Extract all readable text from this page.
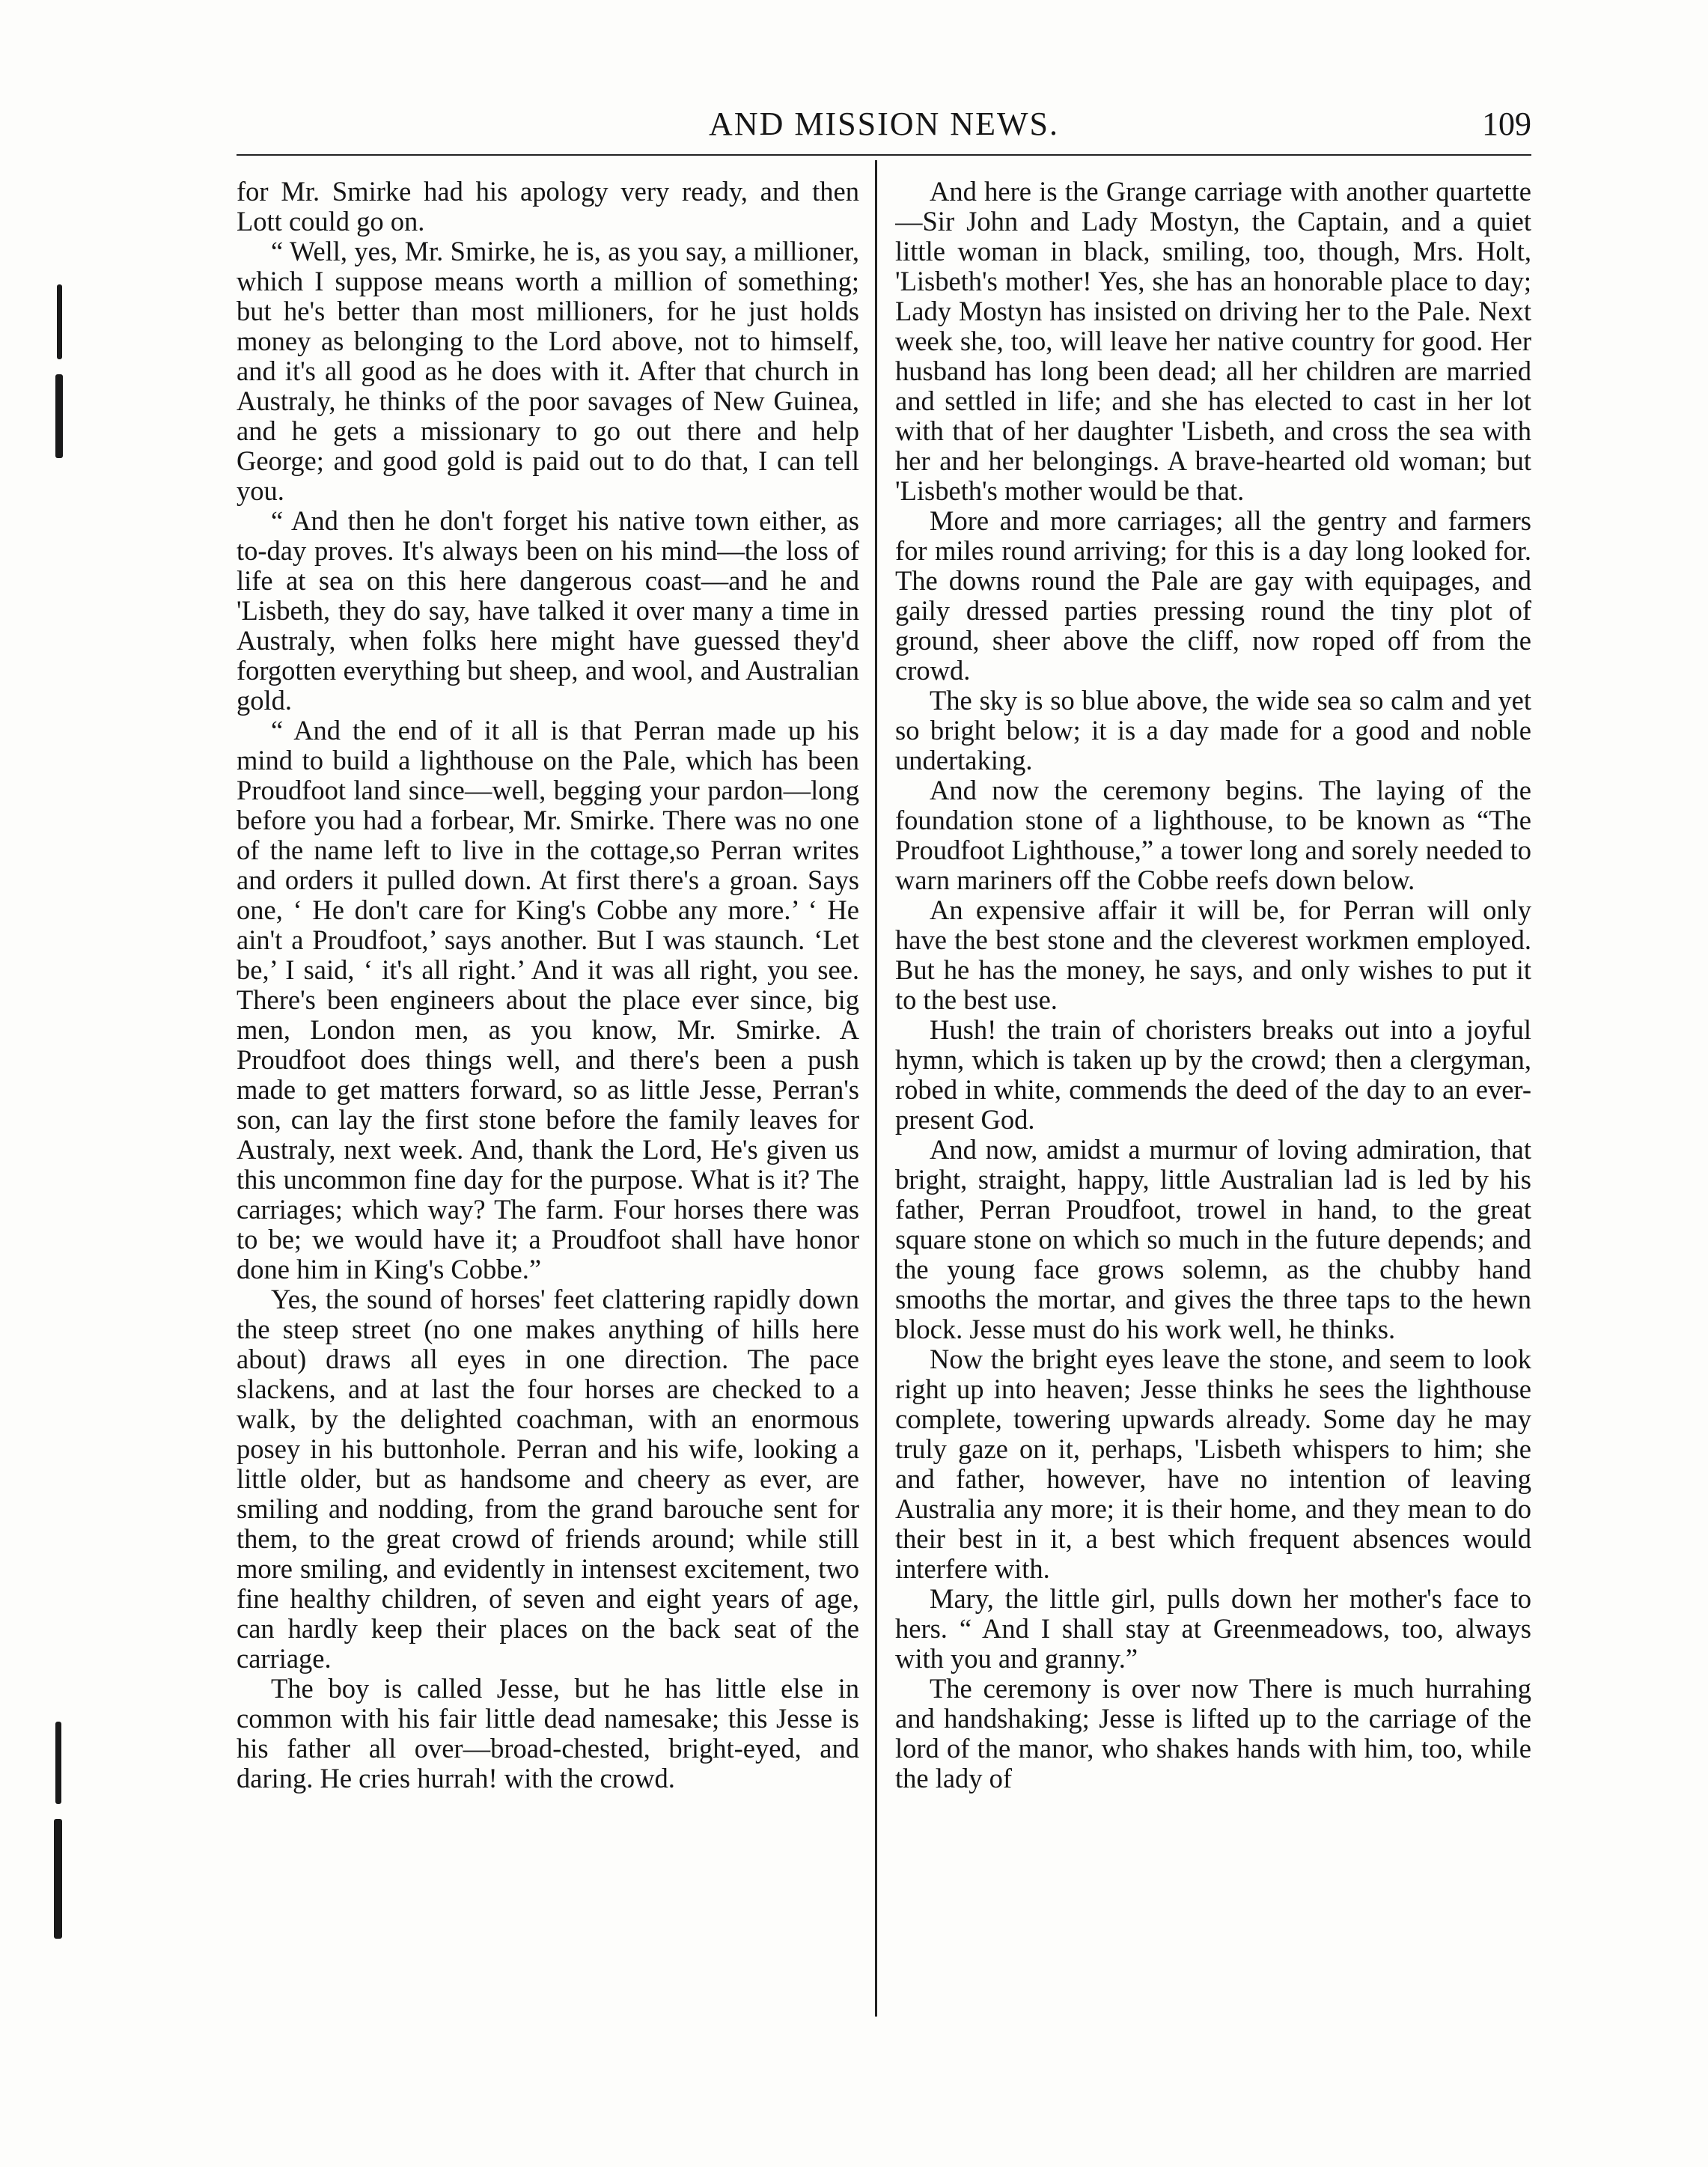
AND MISSION NEWS.	109

for Mr. Smirke had his apology very ready, and then Lott could go on.

“ Well, yes, Mr. Smirke, he is, as you say, a millioner, which I suppose means worth a million of something; but he's better than most millioners, for he just holds money as belonging to the Lord above, not to himself, and it's all good as he does with it. After that church in Australy, he thinks of the poor savages of New Guinea, and he gets a missionary to go out there and help George; and good gold is paid out to do that, I can tell you.

“ And then he don't forget his native town either, as to-day proves. It's always been on his mind—the loss of life at sea on this here dangerous coast—and he and 'Lisbeth, they do say, have talked it over many a time in Australy, when folks here might have guessed they'd forgotten everything but sheep, and wool, and Australian gold.

“ And the end of it all is that Perran made up his mind to build a lighthouse on the Pale, which has been Proudfoot land since—well, begging your pardon—long before you had a forbear, Mr. Smirke. There was no one of the name left to live in the cottage,so Perran writes and orders it pulled down. At first there's a groan. Says one, ‘ He don't care for King's Cobbe any more.’ ‘ He ain't a Proudfoot,’ says another. But I was staunch. ‘Let be,’ I said, ‘ it's all right.’ And it was all right, you see. There's been engineers about the place ever since, big men, London men, as you know, Mr. Smirke. A Proudfoot does things well, and there's been a push made to get matters forward, so as little Jesse, Perran's son, can lay the first stone before the family leaves for Australy, next week. And, thank the Lord, He's given us this uncommon fine day for the purpose. What is it? The carriages; which way? The farm. Four horses there was to be; we would have it; a Proudfoot shall have honor done him in King's Cobbe.”

Yes, the sound of horses' feet clattering rapidly down the steep street (no one makes anything of hills here about) draws all eyes in one direction. The pace slackens, and at last the four horses are checked to a walk, by the delighted coachman, with an enormous posey in his buttonhole. Perran and his wife, looking a little older, but as handsome and cheery as ever, are smiling and nodding, from the grand barouche sent for them, to the great crowd of friends around; while still more smiling, and evidently in intensest excitement, two fine healthy children, of seven and eight years of age, can hardly keep their places on the back seat of the carriage.

The boy is called Jesse, but he has little else in common with his fair little dead namesake; this Jesse is his father all over—broad-chested, bright-eyed, and daring. He cries hurrah! with the crowd.

And here is the Grange carriage with another quartette—Sir John and Lady Mostyn, the Captain, and a quiet little woman in black, smiling, too, though, Mrs. Holt, 'Lisbeth's mother! Yes, she has an honorable place to day; Lady Mostyn has insisted on driving her to the Pale. Next week she, too, will leave her native country for good. Her husband has long been dead; all her children are married and settled in life; and she has elected to cast in her lot with that of her daughter 'Lisbeth, and cross the sea with her and her belongings. A brave-hearted old woman; but 'Lisbeth's mother would be that.

More and more carriages; all the gentry and farmers for miles round arriving; for this is a day long looked for. The downs round the Pale are gay with equipages, and gaily dressed parties pressing round the tiny plot of ground, sheer above the cliff, now roped off from the crowd.

The sky is so blue above, the wide sea so calm and yet so bright below; it is a day made for a good and noble undertaking.

And now the ceremony begins. The laying of the foundation stone of a lighthouse, to be known as “The Proudfoot Lighthouse,” a tower long and sorely needed to warn mariners off the Cobbe reefs down below.

An expensive affair it will be, for Perran will only have the best stone and the cleverest workmen employed. But he has the money, he says, and only wishes to put it to the best use.

Hush! the train of choristers breaks out into a joyful hymn, which is taken up by the crowd; then a clergyman, robed in white, commends the deed of the day to an ever-present God.

And now, amidst a murmur of loving admiration, that bright, straight, happy, little Australian lad is led by his father, Perran Proudfoot, trowel in hand, to the great square stone on which so much in the future depends; and the young face grows solemn, as the chubby hand smooths the mortar, and gives the three taps to the hewn block. Jesse must do his work well, he thinks.

Now the bright eyes leave the stone, and seem to look right up into heaven; Jesse thinks he sees the lighthouse complete, towering upwards already. Some day he may truly gaze on it, perhaps, 'Lisbeth whispers to him; she and father, however, have no intention of leaving Australia any more; it is their home, and they mean to do their best in it, a best which frequent absences would interfere with.

Mary, the little girl, pulls down her mother's face to hers. “ And I shall stay at Greenmeadows, too, always with you and granny.”

The ceremony is over now There is much hurrahing and handshaking; Jesse is lifted up to the carriage of the lord of the manor, who shakes hands with him, too, while the lady of
